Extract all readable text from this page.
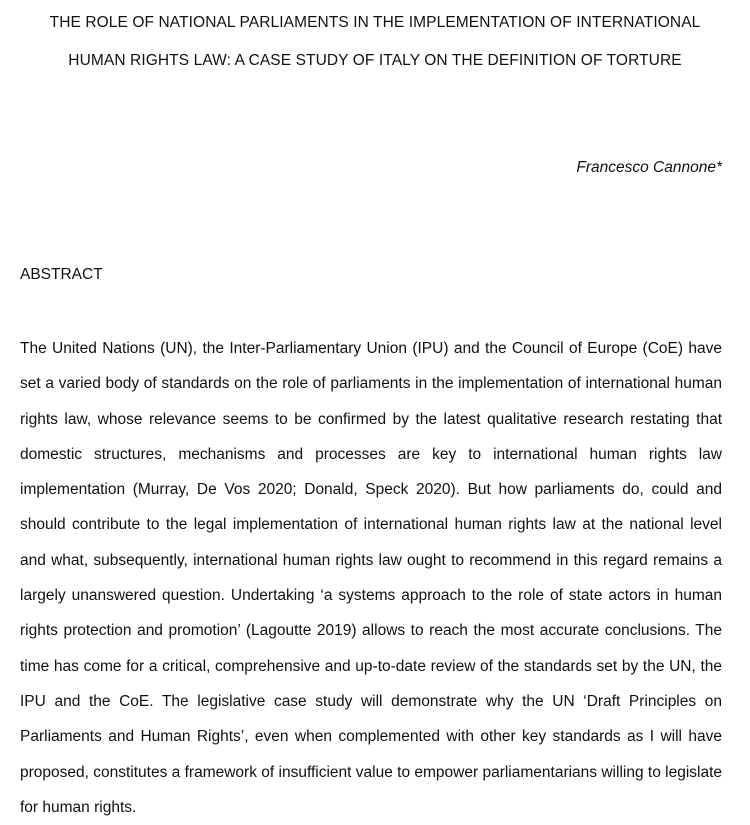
THE ROLE OF NATIONAL PARLIAMENTS IN THE IMPLEMENTATION OF INTERNATIONAL
HUMAN RIGHTS LAW: A CASE STUDY OF ITALY ON THE DEFINITION OF TORTURE
Francesco Cannone*
ABSTRACT

The United Nations (UN), the Inter-Parliamentary Union (IPU) and the Council of Europe (CoE) have set a varied body of standards on the role of parliaments in the implementation of international human rights law, whose relevance seems to be confirmed by the latest qualitative research restating that domestic structures, mechanisms and processes are key to international human rights law implementation (Murray, De Vos 2020; Donald, Speck 2020). But how parliaments do, could and should contribute to the legal implementation of international human rights law at the national level and what, subsequently, international human rights law ought to recommend in this regard remains a largely unanswered question. Undertaking ‘a systems approach to the role of state actors in human rights protection and promotion’ (Lagoutte 2019) allows to reach the most accurate conclusions. The time has come for a critical, comprehensive and up-to-date review of the standards set by the UN, the IPU and the CoE. The legislative case study will demonstrate why the UN ‘Draft Principles on Parliaments and Human Rights’, even when complemented with other key standards as I will have proposed, constitutes a framework of insufficient value to empower parliamentarians willing to legislate for human rights.
